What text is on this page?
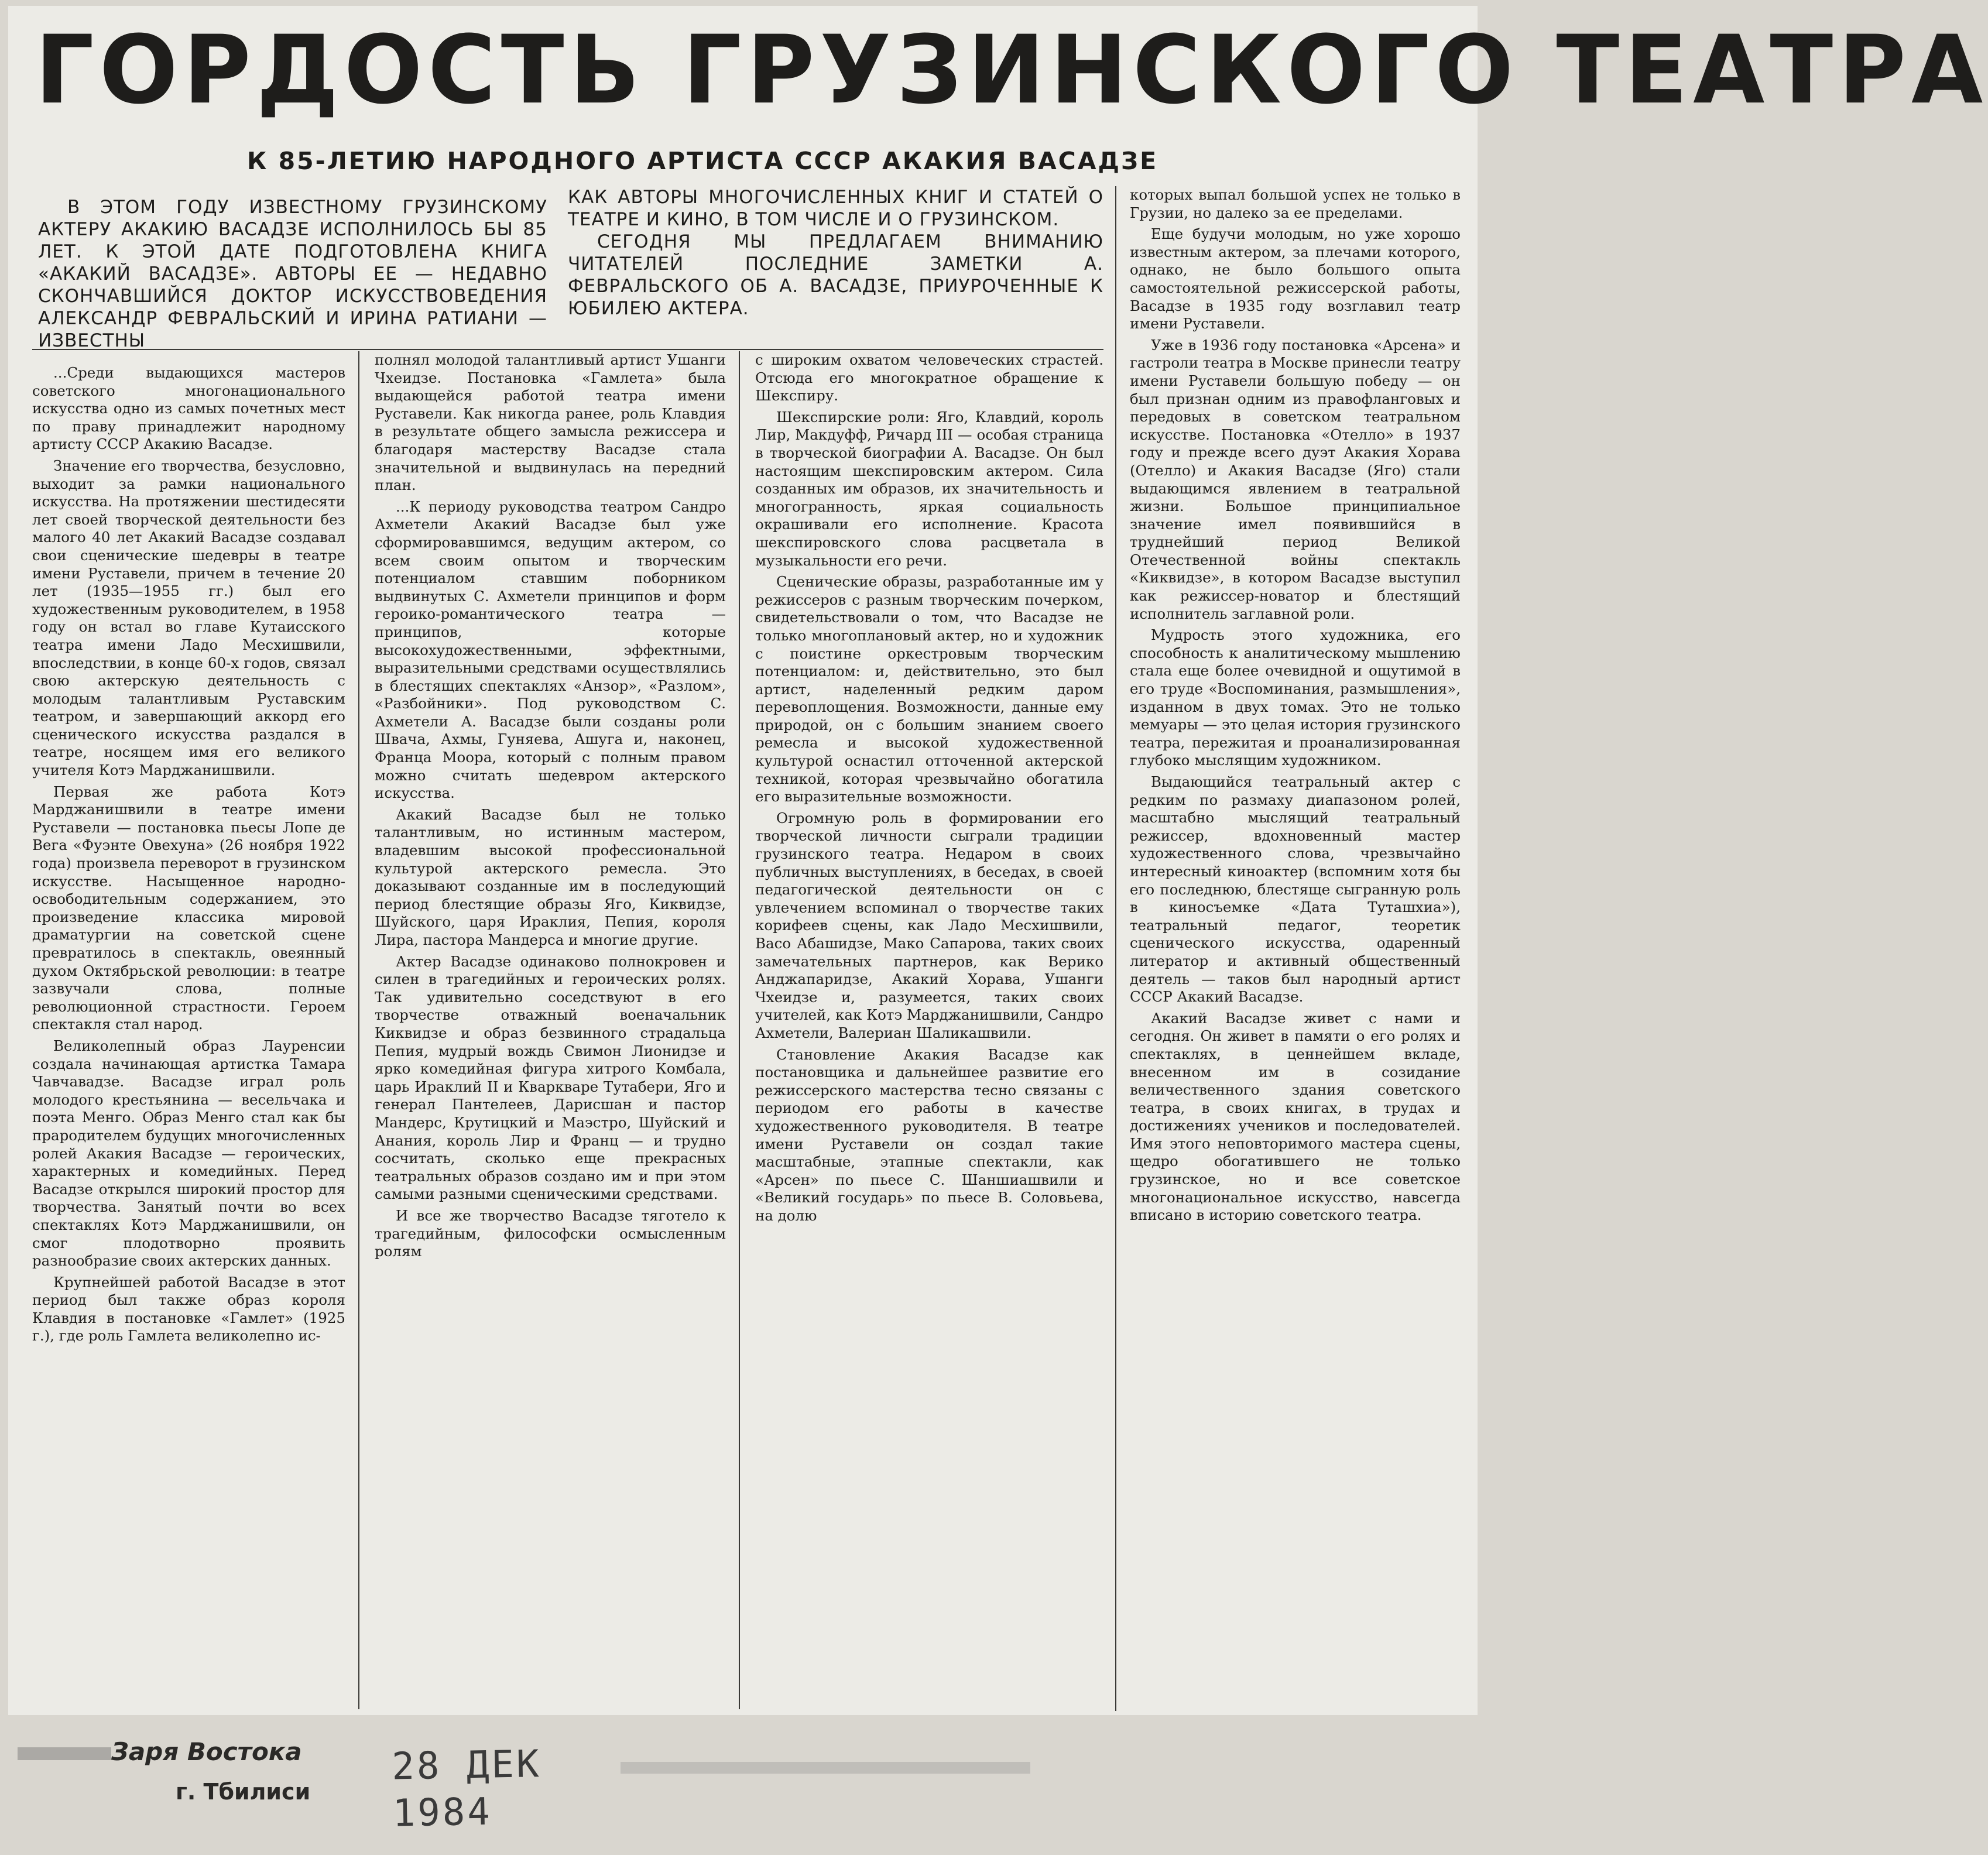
ГОРДОСТЬ ГРУЗИНСКОГО ТЕАТРА
К 85-ЛЕТИЮ НАРОДНОГО АРТИСТА СССР АКАКИЯ ВАСАДЗЕ

В ЭТОМ ГОДУ ИЗВЕСТНОМУ ГРУЗИНСКОМУ АКТЕРУ АКАКИЮ ВАСАДЗЕ ИСПОЛНИЛОСЬ БЫ 85 ЛЕТ. К ЭТОЙ ДАТЕ ПОДГОТОВЛЕНА КНИГА «АКАКИЙ ВАСАДЗЕ». АВТОРЫ ЕЕ — НЕДАВНО СКОНЧАВШИЙСЯ ДОКТОР ИСКУССТВОВЕДЕНИЯ АЛЕКСАНДР ФЕВРАЛЬСКИЙ И ИРИНА РАТИАНИ — ИЗВЕСТНЫ

КАК АВТОРЫ МНОГОЧИСЛЕННЫХ КНИГ И СТАТЕЙ О ТЕАТРЕ И КИНО, В ТОМ ЧИСЛЕ И О ГРУЗИНСКОМ.

СЕГОДНЯ МЫ ПРЕДЛАГАЕМ ВНИМАНИЮ ЧИТАТЕЛЕЙ ПОСЛЕДНИЕ ЗАМЕТКИ А. ФЕВРАЛЬСКОГО ОБ А. ВАСАДЗЕ, ПРИУРОЧЕННЫЕ К ЮБИЛЕЮ АКТЕРА.

...Среди выдающихся мастеров советского многонационального искусства одно из самых почетных мест по праву принадлежит народному артисту СССР Акакию Васадзе.

Значение его творчества, безусловно, выходит за рамки национального искусства. На протяжении шестидесяти лет своей творческой деятельности без малого 40 лет Акакий Васадзе создавал свои сценические шедевры в театре имени Руставели, причем в течение 20 лет (1935—1955 гг.) был его художественным руководителем, в 1958 году он встал во главе Кутаисского театра имени Ладо Месхишвили, впоследствии, в конце 60-х годов, связал свою актерскую деятельность с молодым талантливым Руставским театром, и завершающий аккорд его сценического искусства раздался в театре, носящем имя его великого учителя Котэ Марджанишвили.

Первая же работа Котэ Марджанишвили в театре имени Руставели — постановка пьесы Лопе де Вега «Фуэнте Овехуна» (26 ноября 1922 года) произвела переворот в грузинском искусстве. Насыщенное народно-освободительным содержанием, это произведение классика мировой драматургии на советской сцене превратилось в спектакль, овеянный духом Октябрьской революции: в театре зазвучали слова, полные революционной страстности. Героем спектакля стал народ.

Великолепный образ Лауренсии создала начинающая артистка Тамара Чавчавадзе. Васадзе играл роль молодого крестьянина — весельчака и поэта Менго. Образ Менго стал как бы прародителем будущих многочисленных ролей Акакия Васадзе — героических, характерных и комедийных. Перед Васадзе открылся широкий простор для творчества. Занятый почти во всех спектаклях Котэ Марджанишвили, он смог плодотворно проявить разнообразие своих актерских данных.

Крупнейшей работой Васадзе в этот период был также образ короля Клавдия в постановке «Гамлет» (1925 г.), где роль Гамлета великолепно ис-

полнял молодой талантливый артист Ушанги Чхеидзе. Постановка «Гамлета» была выдающейся работой театра имени Руставели. Как никогда ранее, роль Клавдия в результате общего замысла режиссера и благодаря мастерству Васадзе стала значительной и выдвинулась на передний план.

...К периоду руководства театром Сандро Ахметели Акакий Васадзе был уже сформировавшимся, ведущим актером, со всем своим опытом и творческим потенциалом ставшим поборником выдвинутых С. Ахметели принципов и форм героико-романтического театра — принципов, которые высокохудожественными, эффектными, выразительными средствами осуществлялись в блестящих спектаклях «Анзор», «Разлом», «Разбойники». Под руководством С. Ахметели А. Васадзе были созданы роли Швача, Ахмы, Гуняева, Ашуга и, наконец, Франца Моора, который с полным правом можно считать шедевром актерского искусства.

Акакий Васадзе был не только талантливым, но истинным мастером, владевшим высокой профессиональной культурой актерского ремесла. Это доказывают созданные им в последующий период блестящие образы Яго, Киквидзе, Шуйского, царя Ираклия, Пепия, короля Лира, пастора Мандерса и многие другие.

Актер Васадзе одинаково полнокровен и силен в трагедийных и героических ролях. Так удивительно соседствуют в его творчестве отважный военачальник Киквидзе и образ безвинного страдальца Пепия, мудрый вождь Свимон Лионидзе и ярко комедийная фигура хитрого Комбала, царь Ираклий II и Кваркваре Тутабери, Яго и генерал Пантелеев, Дарисшан и пастор Мандерс, Крутицкий и Маэстро, Шуйский и Анания, король Лир и Франц — и трудно сосчитать, сколько еще прекрасных театральных образов создано им и при этом самыми разными сценическими средствами.

И все же творчество Васадзе тяготело к трагедийным, философски осмысленным ролям

с широким охватом человеческих страстей. Отсюда его многократное обращение к Шекспиру.

Шекспирские роли: Яго, Клавдий, король Лир, Макдуфф, Ричард III — особая страница в творческой биографии А. Васадзе. Он был настоящим шекспировским актером. Сила созданных им образов, их значительность и многогранность, яркая социальность окрашивали его исполнение. Красота шекспировского слова расцветала в музыкальности его речи.

Сценические образы, разработанные им у режиссеров с разным творческим почерком, свидетельствовали о том, что Васадзе не только многоплановый актер, но и художник с поистине оркестровым творческим потенциалом: и, действительно, это был артист, наделенный редким даром перевоплощения. Возможности, данные ему природой, он с большим знанием своего ремесла и высокой художественной культурой оснастил отточенной актерской техникой, которая чрезвычайно обогатила его выразительные возможности.

Огромную роль в формировании его творческой личности сыграли традиции грузинского театра. Недаром в своих публичных выступлениях, в беседах, в своей педагогической деятельности он с увлечением вспоминал о творчестве таких корифеев сцены, как Ладо Месхишвили, Васо Абашидзе, Мако Сапарова, таких своих замечательных партнеров, как Верико Анджапаридзе, Акакий Хорава, Ушанги Чхеидзе и, разумеется, таких своих учителей, как Котэ Марджанишвили, Сандро Ахметели, Валериан Шаликашвили.

Становление Акакия Васадзе как постановщика и дальнейшее развитие его режиссерского мастерства тесно связаны с периодом его работы в качестве художественного руководителя. В театре имени Руставели он создал такие масштабные, этапные спектакли, как «Арсен» по пьесе С. Шаншиашвили и «Великий государь» по пьесе В. Соловьева, на долю

которых выпал большой успех не только в Грузии, но далеко за ее пределами.

Еще будучи молодым, но уже хорошо известным актером, за плечами которого, однако, не было большого опыта самостоятельной режиссерской работы, Васадзе в 1935 году возглавил театр имени Руставели.

Уже в 1936 году постановка «Арсена» и гастроли театра в Москве принесли театру имени Руставели большую победу — он был признан одним из правофланговых и передовых в советском театральном искусстве. Постановка «Отелло» в 1937 году и прежде всего дуэт Акакия Хорава (Отелло) и Акакия Васадзе (Яго) стали выдающимся явлением в театральной жизни. Большое принципиальное значение имел появившийся в труднейший период Великой Отечественной войны спектакль «Киквидзе», в котором Васадзе выступил как режиссер-новатор и блестящий исполнитель заглавной роли.

Мудрость этого художника, его способность к аналитическому мышлению стала еще более очевидной и ощутимой в его труде «Воспоминания, размышления», изданном в двух томах. Это не только мемуары — это целая история грузинского театра, пережитая и проанализированная глубоко мыслящим художником.

Выдающийся театральный актер с редким по размаху диапазоном ролей, масштабно мыслящий театральный режиссер, вдохновенный мастер художественного слова, чрезвычайно интересный киноактер (вспомним хотя бы его последнюю, блестяще сыгранную роль в киносъемке «Дата Туташхиа»), театральный педагог, теоретик сценического искусства, одаренный литератор и активный общественный деятель — таков был народный артист СССР Акакий Васадзе.

Акакий Васадзе живет с нами и сегодня. Он живет в памяти о его ролях и спектаклях, в ценнейшем вкладе, внесенном им в созидание величественного здания советского театра, в своих книгах, в трудах и достижениях учеников и последователей. Имя этого неповторимого мастера сцены, щедро обогатившего не только грузинское, но и все советское многонациональное искусство, навсегда вписано в историю советского театра.

Заря Востока
г. Тбилиси
28 ДЕК 1984
